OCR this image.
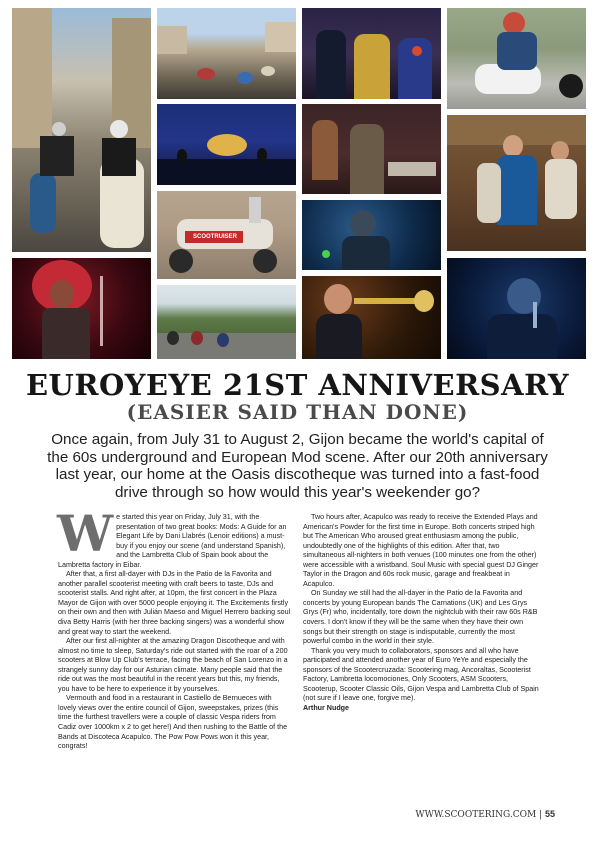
SCOOTRUISER
EUROYEYE 21ST ANNIVERSARY
(EASIER SAID THAN DONE)

Once again, from July 31 to August 2, Gijon became the world's capital of the 60s underground and European Mod scene. After our 20th anniversary last year, our home at the Oasis discotheque was turned into a fast-food drive through so how would this year's weekender go?

We started this year on Friday, July 31, with the presentation of two great books: Mods: A Guide for an Elegant Life by Dani Llabrés (Lenoir editions) a must-buy if you enjoy our scene (and understand Spanish), and the Lambretta Club of Spain book about the Lambretta factory in Eibar.

After that, a first all-dayer with DJs in the Patio de la Favorita and another parallel scooterist meeting with craft beers to taste, DJs and scooterist stalls. And right after, at 10pm, the first concert in the Plaza Mayor de Gijon with over 5000 people enjoying it. The Excitements firstly on their own and then with Julián Maeso and Miguel Herrero backing soul diva Betty Harris (with her three backing singers) was a wonderful show and great way to start the weekend.

After our first all-nighter at the amazing Dragon Discotheque and with almost no time to sleep, Saturday's ride out started with the roar of a 200 scooters at Blow Up Club's terrace, facing the beach of San Lorenzo in a strangely sunny day for our Asturian climate. Many people said that the ride out was the most beautiful in the recent years but this, my friends, you have to be here to experience it by yourselves.

Vermouth and food in a restaurant in Castiello de Bernueces with lovely views over the entire council of Gijon, sweepstakes, prizes (this time the furthest travellers were a couple of classic Vespa riders from Cadiz over 1000km x 2 to get here!) And then rushing to the Battle of the Bands at Discoteca Acapulco. The Pow Pow Pows won it this year, congrats!

Two hours after, Acapulco was ready to receive the Extended Plays and American's Powder for the first time in Europe. Both concerts striped high but The American Who aroused great enthusiasm among the public, undoubtedly one of the highlights of this edition. After that, two simultaneous all-nighters in both venues (100 minutes one from the other) were accessible with a wristband. Soul Music with special guest DJ Ginger Taylor in the Dragon and 60s rock music, garage and freakbeat in Acapulco.

On Sunday we still had the all-dayer in the Patio de la Favorita and concerts by young European bands The Carnations (UK) and Les Grys Grys (Fr) who, incidentally, tore down the nightclub with their raw 60s R&B covers. I don't know if they will be the same when they have their own songs but their strength on stage is indisputable, currently the most powerful combo in the world in their style.

Thank you very much to collaborators, sponsors and all who have participated and attended another year of Euro YeYe and especially the sponsors of the Scootercruzada: Scootering mag, Ancoraltas, Scooterist Factory, Lambretta locomociones, Only Scooters, ASM Scooters, Scooterup, Scooter Classic Oils, Gijon Vespa and Lambretta Club of Spain (not sure if I leave one, forgive me).

Arthur Nudge

WWW.SCOOTERING.COM | 55
